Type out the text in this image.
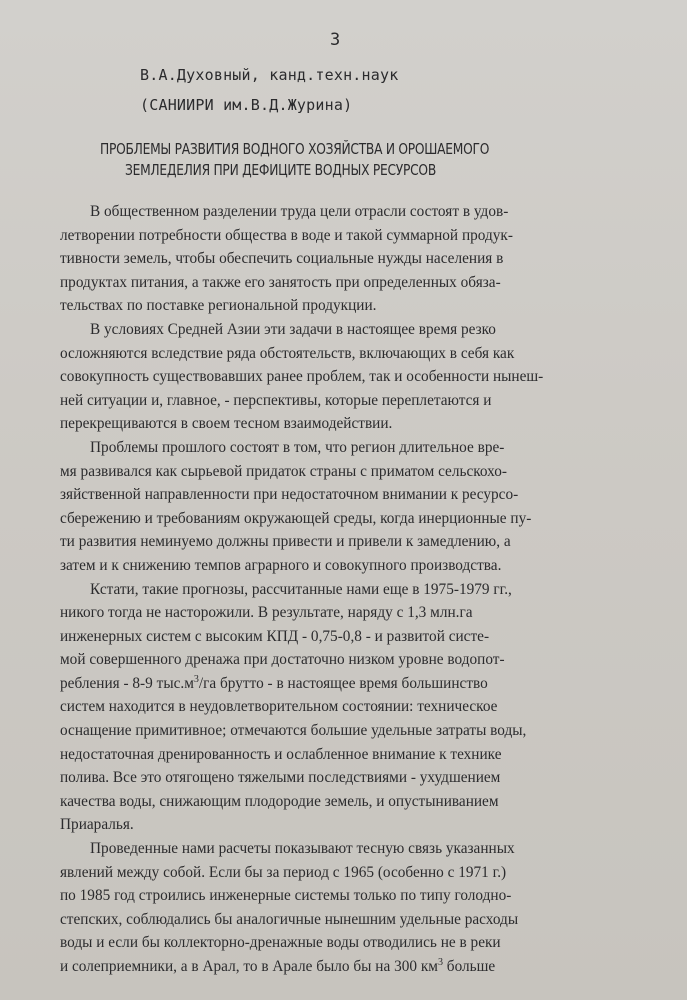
3
В.А.Духовный, канд.техн.наук
(САНИИРИ им.В.Д.Журина)
ПРОБЛЕМЫ РАЗВИТИЯ ВОДНОГО ХОЗЯЙСТВА И ОРОШАЕМОГО
ЗЕМЛЕДЕЛИЯ ПРИ ДЕФИЦИТЕ ВОДНЫХ РЕСУРСОВ
В общественном разделении труда цели отрасли состоят в удов-
летворении потребности общества в воде и такой суммарной продук-
тивности земель, чтобы обеспечить социальные нужды населения в
продуктах питания, а также его занятость при определенных обяза-
тельствах по поставке региональной продукции.
В условиях Средней Азии эти задачи в настоящее время резко
осложняются вследствие ряда обстоятельств, включающих в себя как
совокупность существовавших ранее проблем, так и особенности нынеш-
ней ситуации и, главное, - перспективы, которые переплетаются и
перекрещиваются в своем тесном взаимодействии.
Проблемы прошлого состоят в том, что регион длительное вре-
мя развивался как сырьевой придаток страны с приматом сельскохо-
зяйственной направленности при недостаточном внимании к ресурсо-
сбережению и требованиям окружающей среды, когда инерционные пу-
ти развития неминуемо должны привести и привели к замедлению, а
затем и к снижению темпов аграрного и совокупного производства.
Кстати, такие прогнозы, рассчитанные нами еще в 1975-1979 гг.,
никого тогда не насторожили. В результате, наряду с 1,3 млн.га
инженерных систем с высоким КПД - 0,75-0,8 - и развитой систе-
мой совершенного дренажа при достаточно низком уровне водопот-
ребления - 8-9 $тыс.м^3/га$ брутто - в настоящее время большинство
систем находится в неудовлетворительном состоянии: техническое
оснащение примитивное; отмечаются большие удельные затраты воды,
недостаточная дренированность и ослабленное внимание к технике
полива. Все это отягощено тяжелыми последствиями - ухудшением
качества воды, снижающим плодородие земель, и опустыниванием
Приаралья.
Проведенные нами расчеты показывают тесную связь указанных
явлений между собой. Если бы за период с 1965 (особенно с 1971 г.)
по 1985 год строились инженерные системы только по типу голодно-
степских, соблюдались бы аналогичные нынешним удельные расходы
воды и если бы коллекторно-дренажные воды отводились не в реки
и солеприемники, а в Арал, то в Арале было бы на 300 $км^3$ больше
